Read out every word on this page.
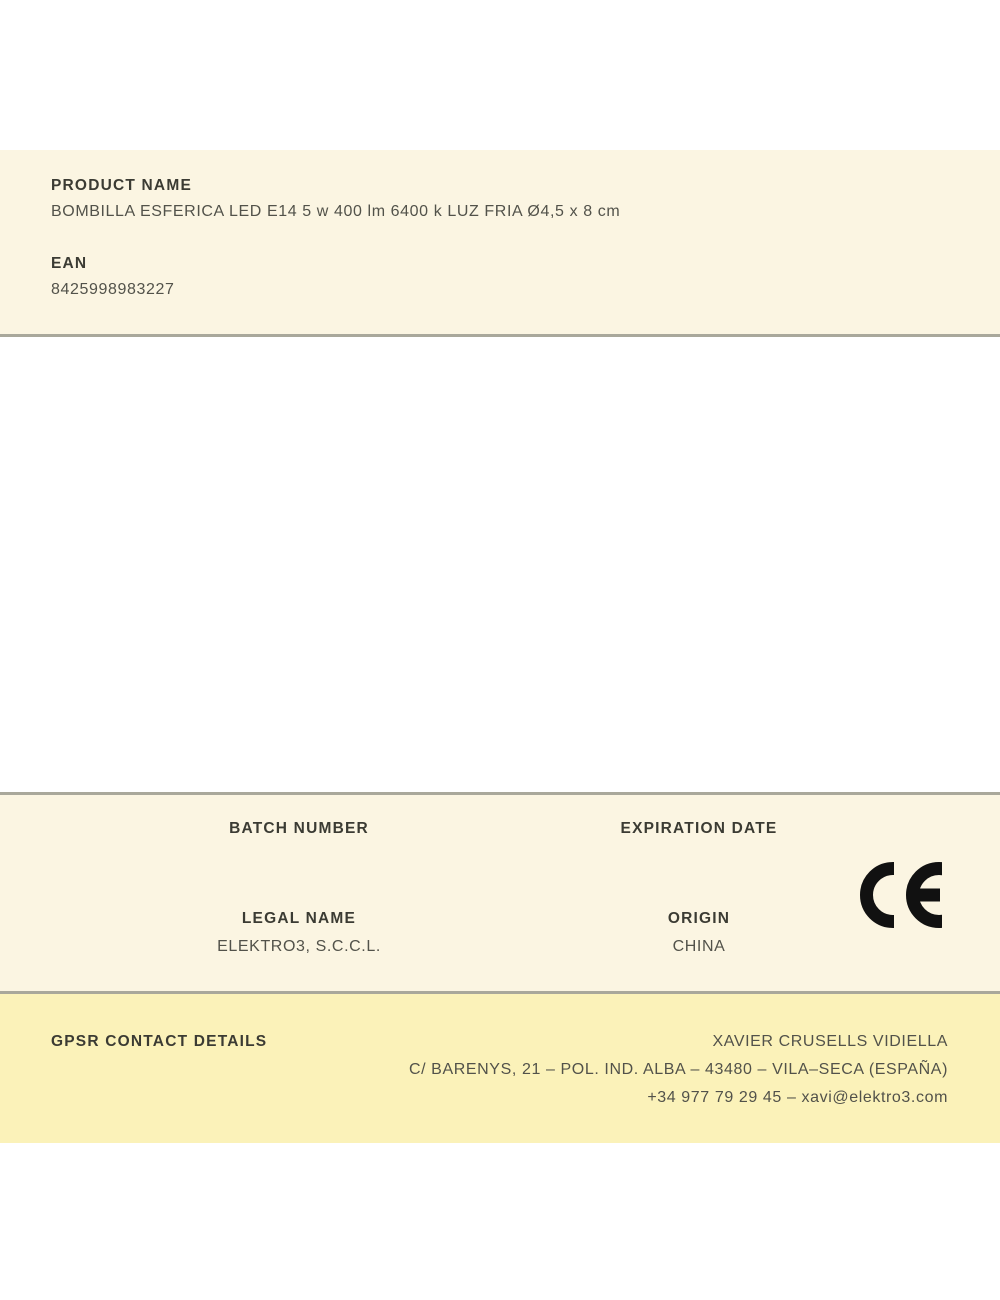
PRODUCT NAME
BOMBILLA ESFERICA LED E14 5 w 400 lm 6400 k LUZ FRIA Ø4,5 x 8 cm
EAN
8425998983227
BATCH NUMBER	EXPIRATION DATE
LEGAL NAME
ELEKTRO3, S.C.C.L.
ORIGIN
CHINA
GPSR CONTACT DETAILS	XAVIER CRUSELLS VIDIELLA
C/ BARENYS, 21 – POL. IND. ALBA – 43480 – VILA–SECA (ESPAÑA)
+34 977 79 29 45 – xavi@elektro3.com
